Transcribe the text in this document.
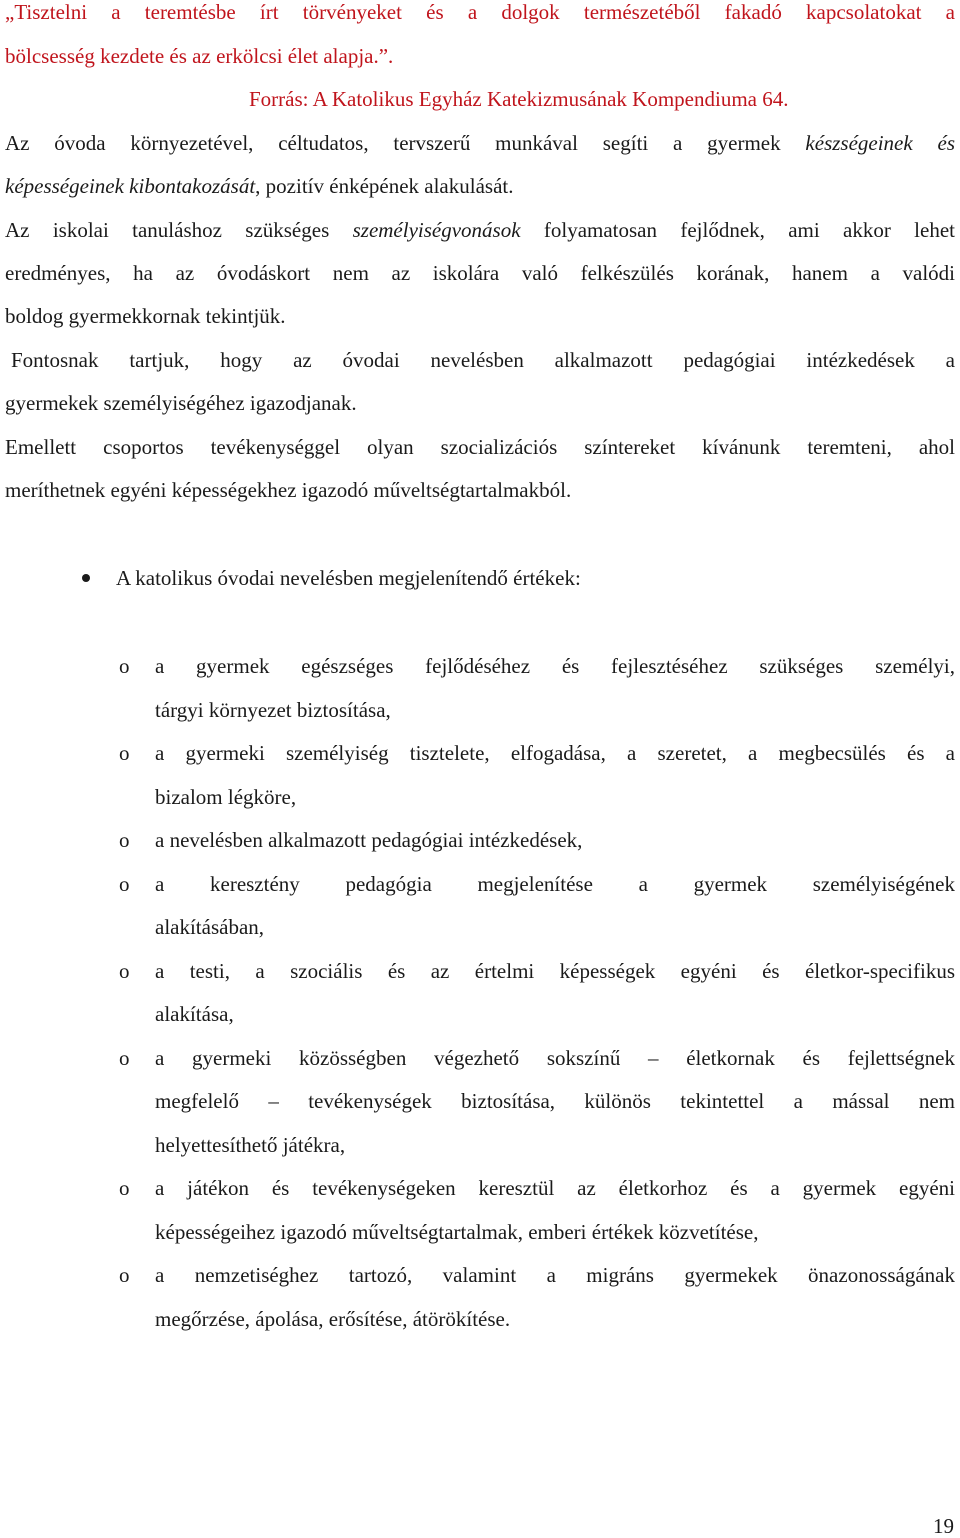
„Tisztelni a teremtésbe írt törvényeket és a dolgok természetéből fakadó kapcsolatokat a
bölcsesség kezdete és az erkölcsi élet alapja.”.
Forrás: A Katolikus Egyház Katekizmusának Kompendiuma 64.
Az óvoda környezetével, céltudatos, tervszerű munkával segíti a gyermek készségeinek és
képességeinek kibontakozását, pozitív énképének alakulását.
Az iskolai tanuláshoz szükséges személyiségvonások folyamatosan fejlődnek, ami akkor lehet
eredményes, ha az óvodáskort nem az iskolára való felkészülés korának, hanem a valódi
boldog gyermekkornak tekintjük.
Fontosnak tartjuk, hogy az óvodai nevelésben alkalmazott pedagógiai intézkedések a
gyermekek személyiségéhez igazodjanak.
Emellett csoportos tevékenységgel olyan szocializációs színtereket kívánunk teremteni, ahol
meríthetnek egyéni képességekhez igazodó műveltségtartalmakból.
A katolikus óvodai nevelésben megjelenítendő értékek:
o a gyermek egészséges fejlődéséhez és fejlesztéséhez szükséges személyi,
tárgyi környezet biztosítása,
o a gyermeki személyiség tisztelete, elfogadása, a szeretet, a megbecsülés és a
bizalom légköre,
o a nevelésben alkalmazott pedagógiai intézkedések,
o a keresztény pedagógia megjelenítése a gyermek személyiségének
alakításában,
o a testi, a szociális és az értelmi képességek egyéni és életkor-specifikus
alakítása,
o a gyermeki közösségben végezhető sokszínű – életkornak és fejlettségnek
megfelelő – tevékenységek biztosítása, különös tekintettel a mással nem
helyettesíthető játékra,
o a játékon és tevékenységeken keresztül az életkorhoz és a gyermek egyéni
képességeihez igazodó műveltségtartalmak, emberi értékek közvetítése,
o a nemzetiséghez tartozó, valamint a migráns gyermekek önazonosságának
megőrzése, ápolása, erősítése, átörökítése.
19
